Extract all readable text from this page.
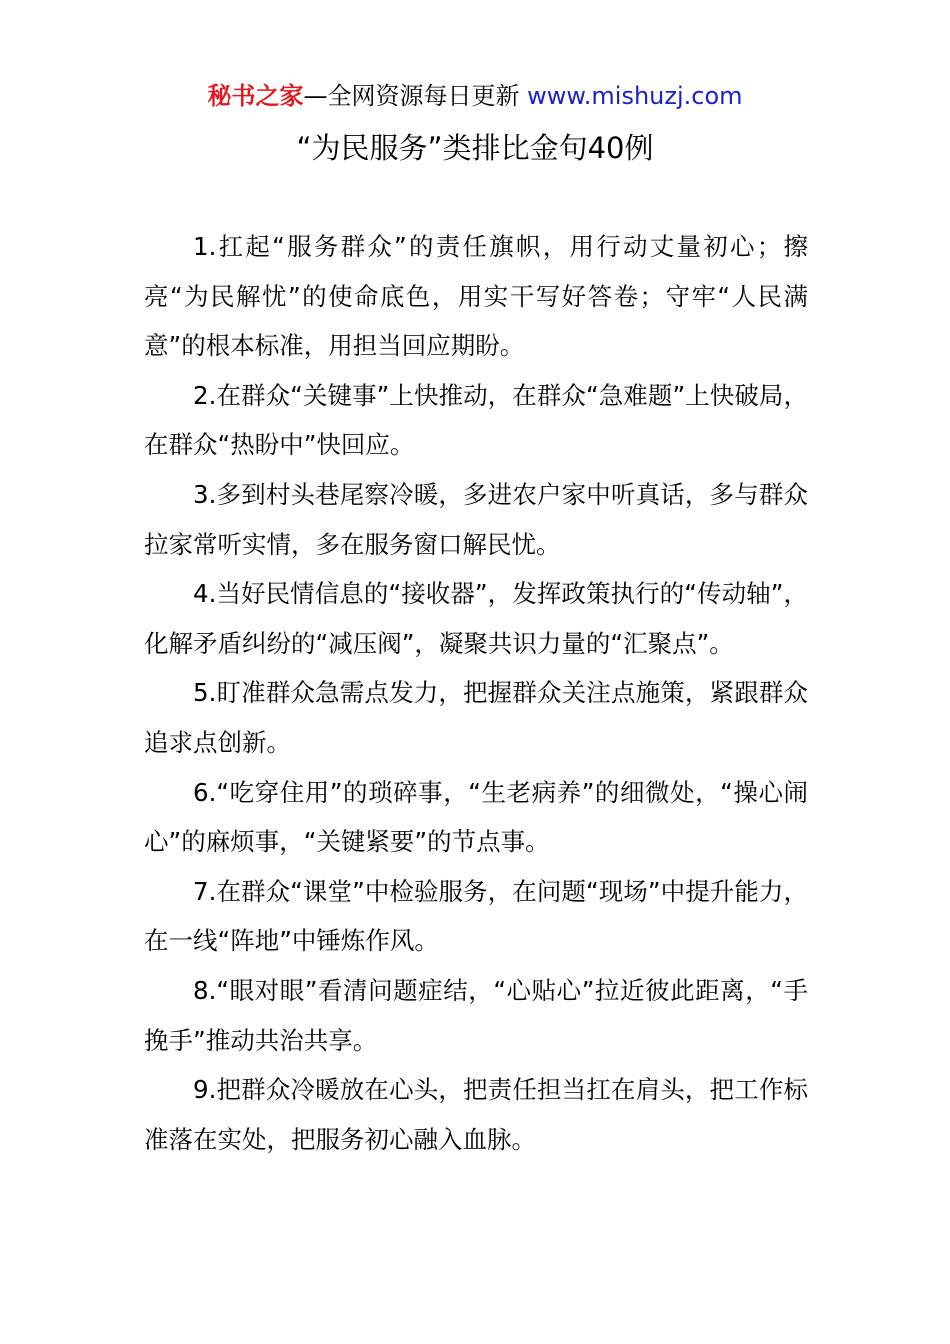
秘书之家—全网资源每日更新 www.mishuzj.com
“为民服务”类排比金句40例

1.扛起“服务群众”的责任旗帜，用行动丈量初心；擦亮“为民解忧”的使命底色，用实干写好答卷；守牢“人民满意”的根本标准，用担当回应期盼。

2.在群众“关键事”上快推动，在群众“急难题”上快破局，在群众“热盼中”快回应。

3.多到村头巷尾察冷暖，多进农户家中听真话，多与群众拉家常听实情，多在服务窗口解民忧。

4.当好民情信息的“接收器”，发挥政策执行的“传动轴”，化解矛盾纠纷的“减压阀”，凝聚共识力量的“汇聚点”。

5.盯准群众急需点发力，把握群众关注点施策，紧跟群众追求点创新。

6.“吃穿住用”的琐碎事，“生老病养”的细微处，“操心闹心”的麻烦事，“关键紧要”的节点事。

7.在群众“课堂”中检验服务，在问题“现场”中提升能力，在一线“阵地”中锤炼作风。

8.“眼对眼”看清问题症结，“心贴心”拉近彼此距离，“手挽手”推动共治共享。

9.把群众冷暖放在心头，把责任担当扛在肩头，把工作标准落在实处，把服务初心融入血脉。
